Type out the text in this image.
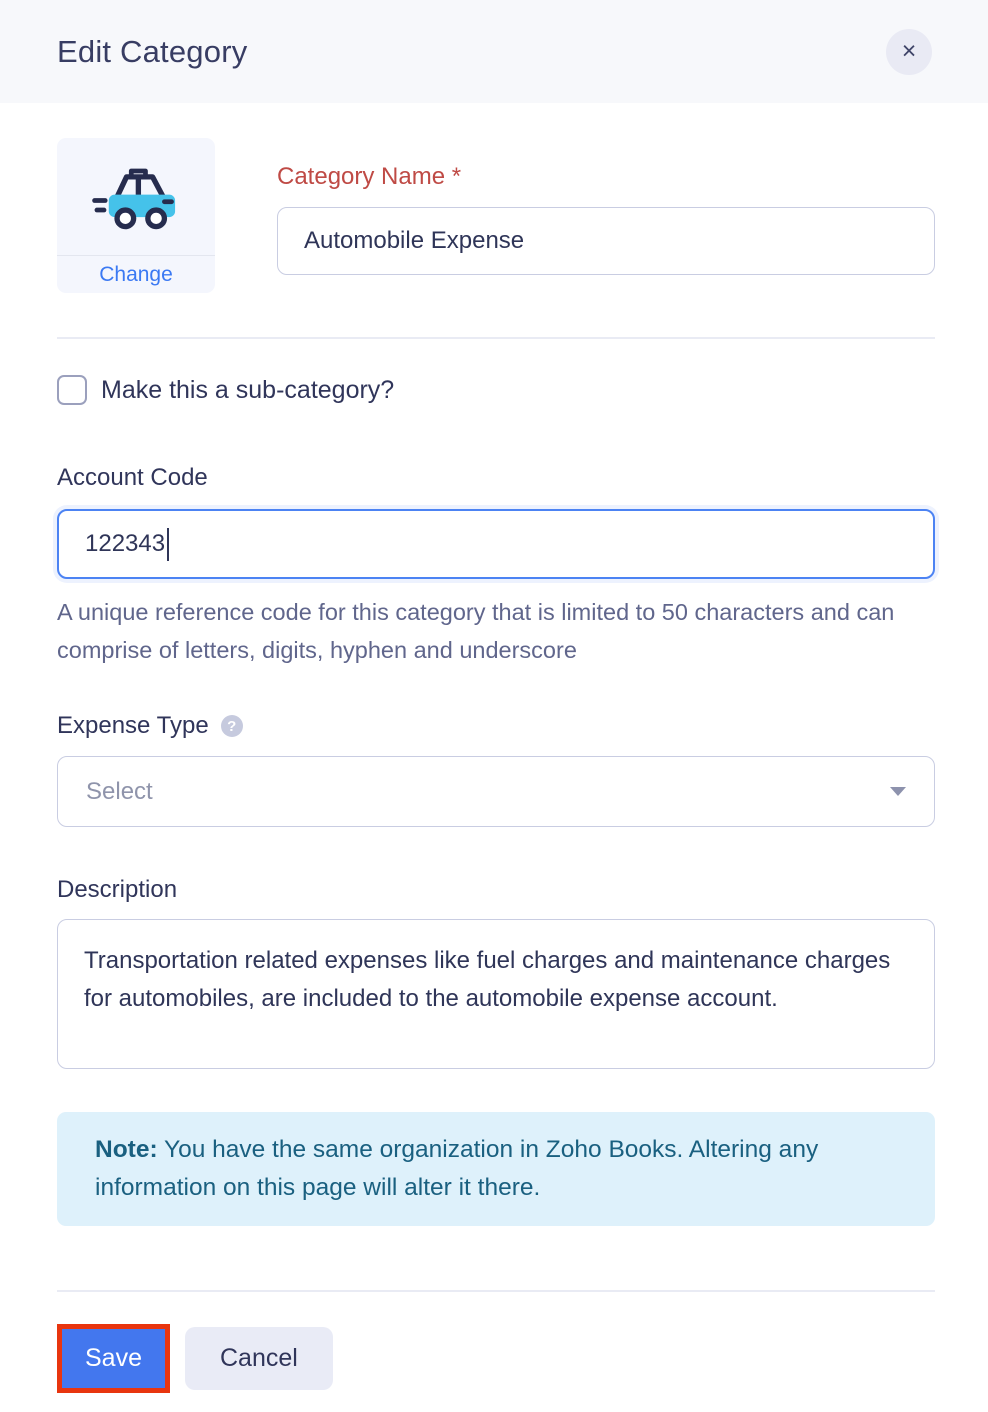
Edit Category	×
Change
Category Name *
Automobile Expense
Make this a sub-category?
Account Code
122343
A unique reference code for this category that is limited to 50 characters and can comprise of letters, digits, hyphen and underscore
Expense Type ?
Select
Description
Transportation related expenses like fuel charges and maintenance charges for automobiles, are included to the automobile expense account.
Note: You have the same organization in Zoho Books. Altering any information on this page will alter it there.
Save	Cancel
